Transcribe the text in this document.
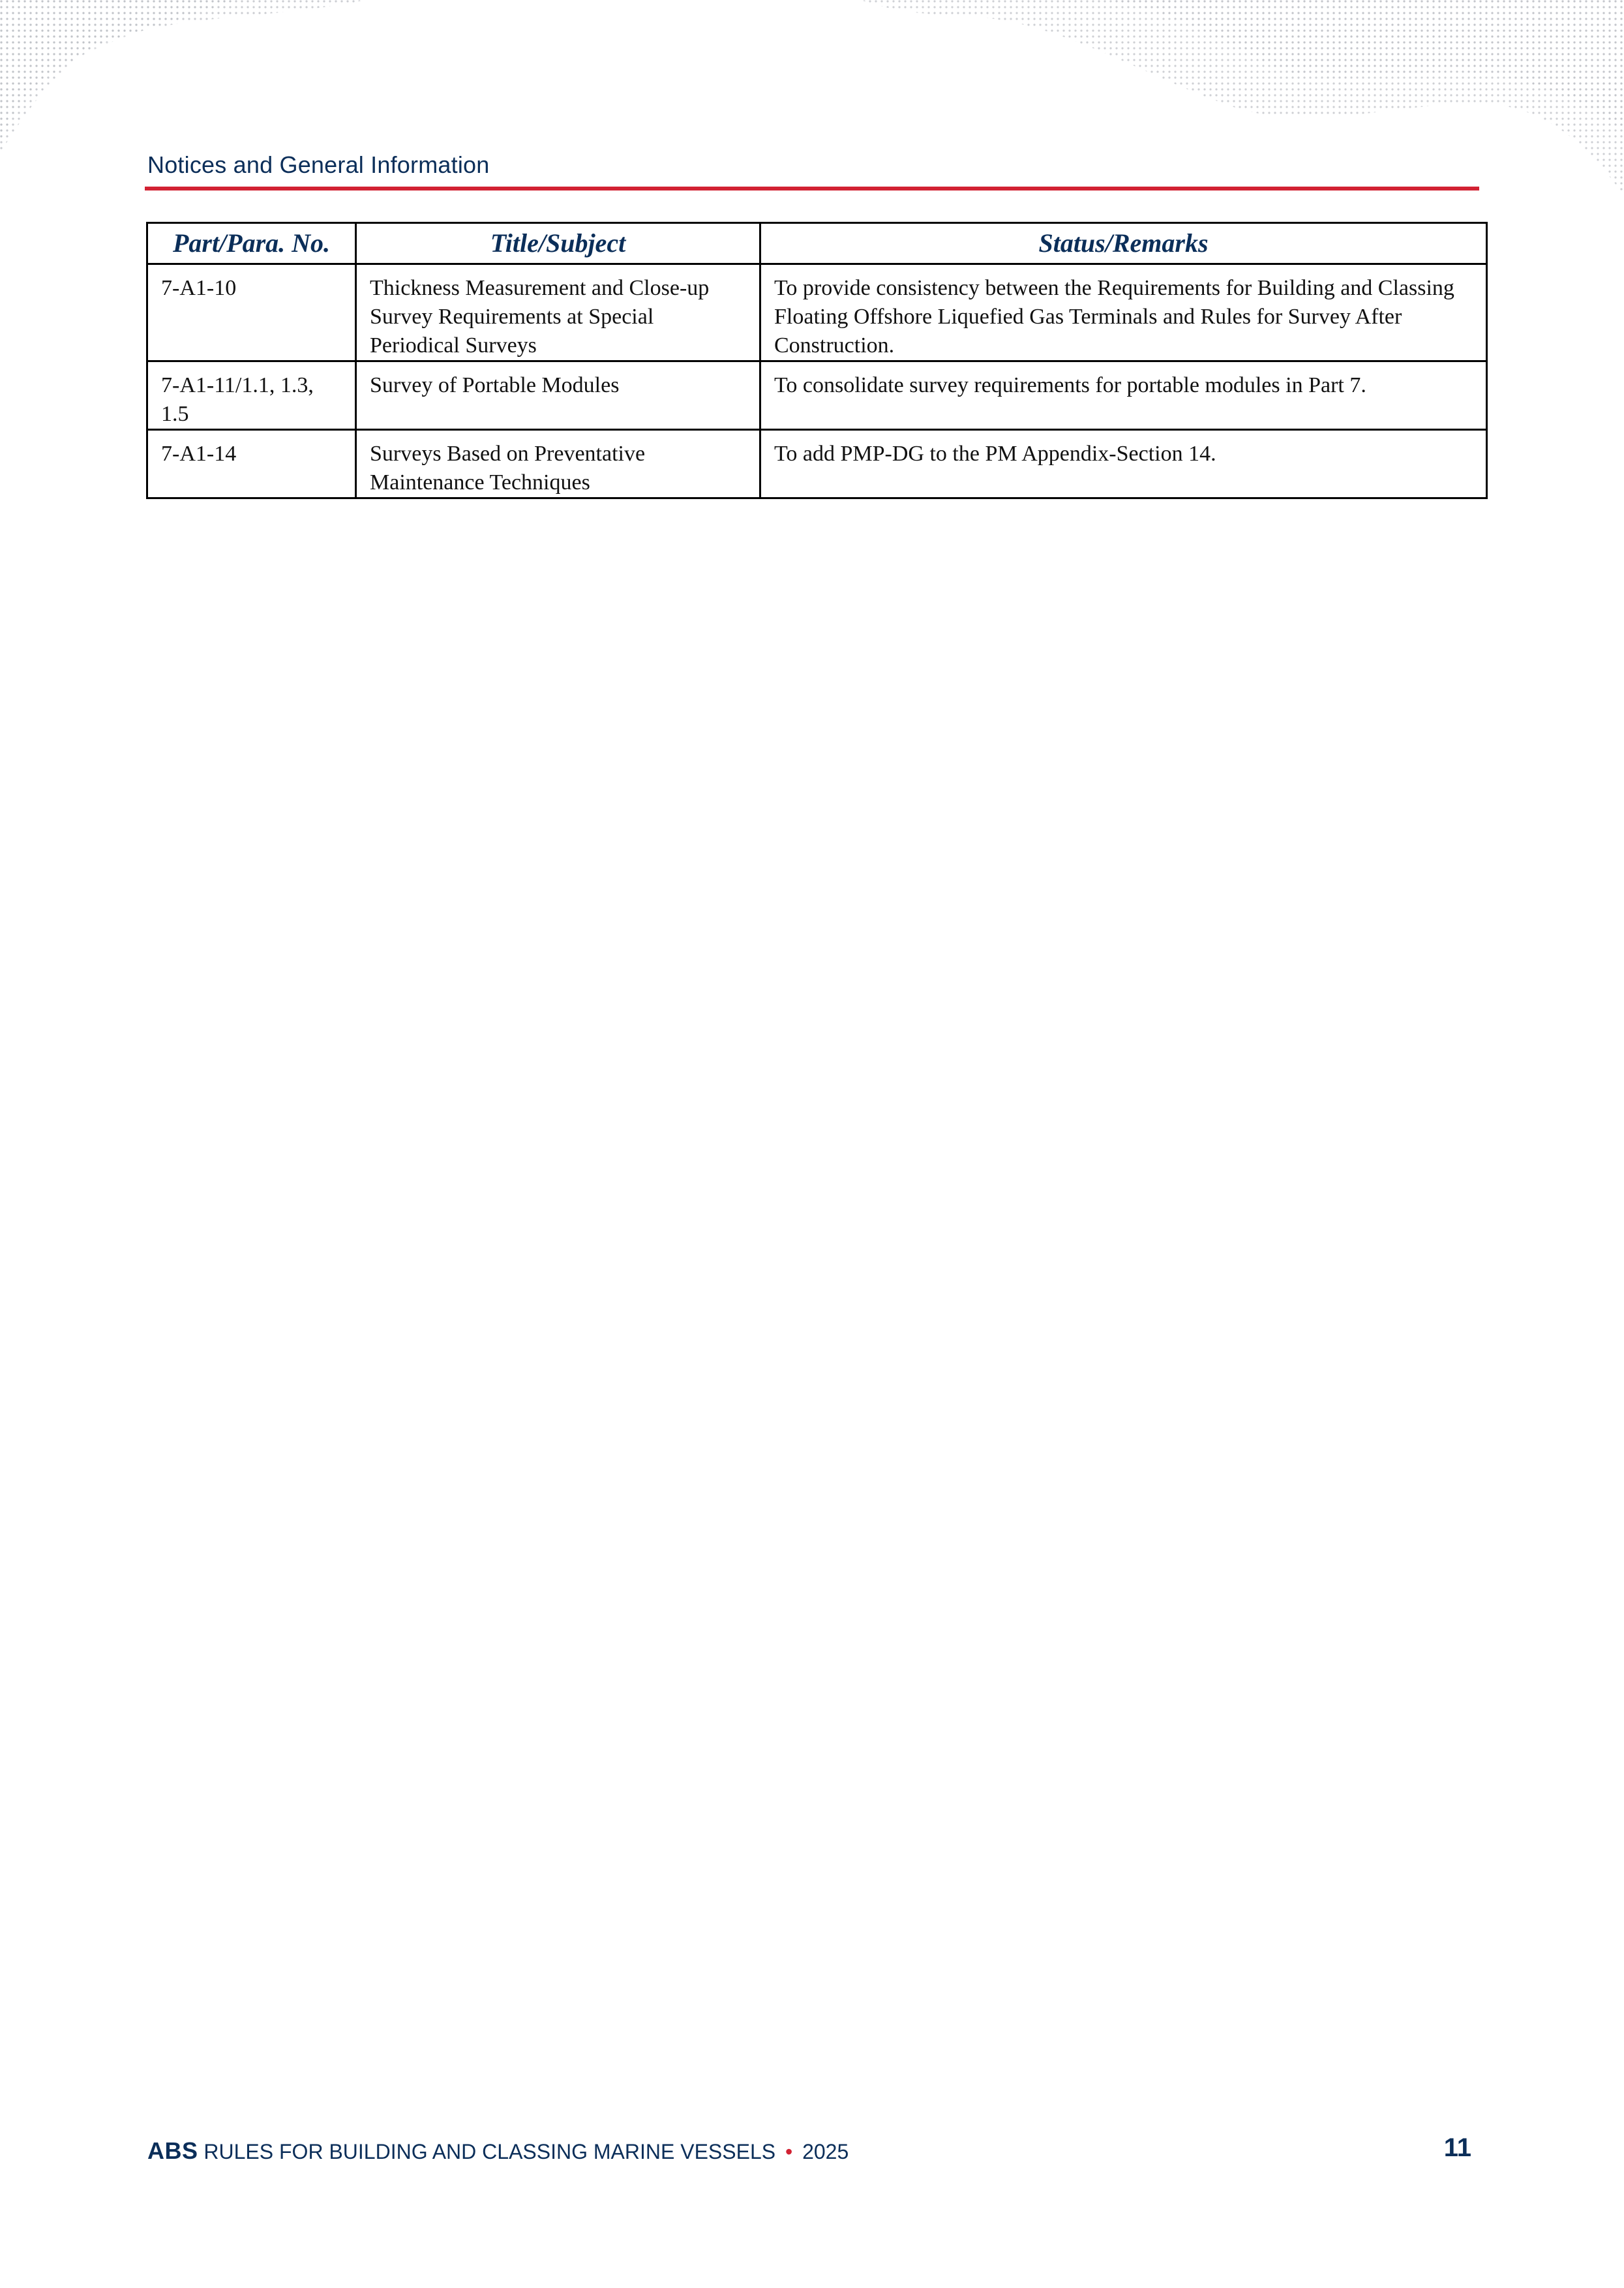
Notices and General Information
Part/Para. No.	Title/Subject	Status/Remarks
7-A1-10	Thickness Measurement and Close-up Survey Requirements at Special Periodical Surveys	To provide consistency between the Requirements for Building and Classing Floating Offshore Liquefied Gas Terminals and Rules for Survey After Construction.
7-A1-11/1.1, 1.3, 1.5	Survey of Portable Modules	To consolidate survey requirements for portable modules in Part 7.
7-A1-14	Surveys Based on Preventative Maintenance Techniques	To add PMP-DG to the PM Appendix-Section 14.
ABS RULES FOR BUILDING AND CLASSING MARINE VESSELS • 2025	11
